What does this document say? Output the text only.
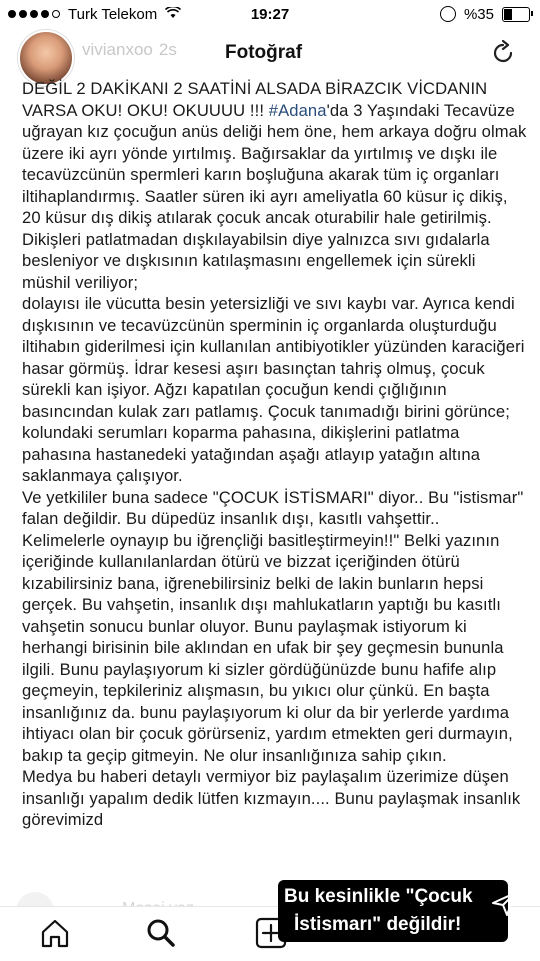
Turk Telekom	19:27	%35
vivianxoo 2s	Fotoğraf

DEĞİL 2 DAKİKANI 2 SAATİNİ ALSADA BİRAZCIK VİCDANIN VARSA OKU! OKU! OKUUUU !!! #Adana'da 3 Yaşındaki Tecavüze uğrayan kız çocuğun anüs deliği hem öne, hem arkaya doğru olmak üzere iki ayrı yönde yırtılmış. Bağırsaklar da yırtılmış ve dışkı ile tecavüzcünün spermleri karın boşluğuna akarak tüm iç organları iltihaplandırmış. Saatler süren iki ayrı ameliyatla 60 küsur iç dikiş, 20 küsur dış dikiş atılarak çocuk ancak oturabilir hale getirilmiş. Dikişleri patlatmadan dışkılayabilsin diye yalnızca sıvı gıdalarla besleniyor ve dışkısının katılaşmasını engellemek için sürekli müshil veriliyor;

dolayısı ile vücutta besin yetersizliği ve sıvı kaybı var. Ayrıca kendi dışkısının ve tecavüzcünün sperminin iç organlarda oluşturduğu iltihabın giderilmesi için kullanılan antibiyotikler yüzünden karaciğeri hasar görmüş. İdrar kesesi aşırı basınçtan tahriş olmuş, çocuk sürekli kan işiyor. Ağzı kapatılan çocuğun kendi çığlığının basıncından kulak zarı patlamış. Çocuk tanımadığı birini görünce; kolundaki serumları koparma pahasına, dikişlerini patlatma pahasına hastanedeki yatağından aşağı atlayıp yatağın altına saklanmaya çalışıyor.

Ve yetkililer buna sadece "ÇOCUK İSTİSMARI" diyor.. Bu "istismar" falan değildir. Bu düpedüz insanlık dışı, kasıtlı vahşettir.. Kelimelerle oynayıp bu iğrençliği basitleştirmeyin!!" Belki yazının içeriğinde kullanılanlardan ötürü ve bizzat içeriğinden ötürü kızabilirsiniz bana, iğrenebilirsiniz belki de lakin bunların hepsi gerçek. Bu vahşetin, insanlık dışı mahlukatların yaptığı bu kasıtlı vahşetin sonucu bunlar oluyor. Bunu paylaşmak istiyorum ki herhangi birisinin bile aklından en ufak bir şey geçmesin bununla ilgili. Bunu paylaşıyorum ki sizler gördüğünüzde bunu hafife alıp geçmeyin, tepkileriniz alışmasın, bu yıkıcı olur çünkü. En başta insanlığınız da. bunu paylaşıyorum ki olur da bir yerlerde yardıma ihtiyacı olan bir çocuk görürseniz, yardım etmekten geri durmayın, bakıp ta geçip gitmeyin. Ne olur insanlığınıza sahip çıkın.

Medya bu haberi detaylı vermiyor biz paylaşalım üzerimize düşen insanlığı yapalım dedik lütfen kızmayın.... Bunu paylaşmak insanlık görevimizd

Bu kesinlikle "Çocuk
İstismarı" değildir!
